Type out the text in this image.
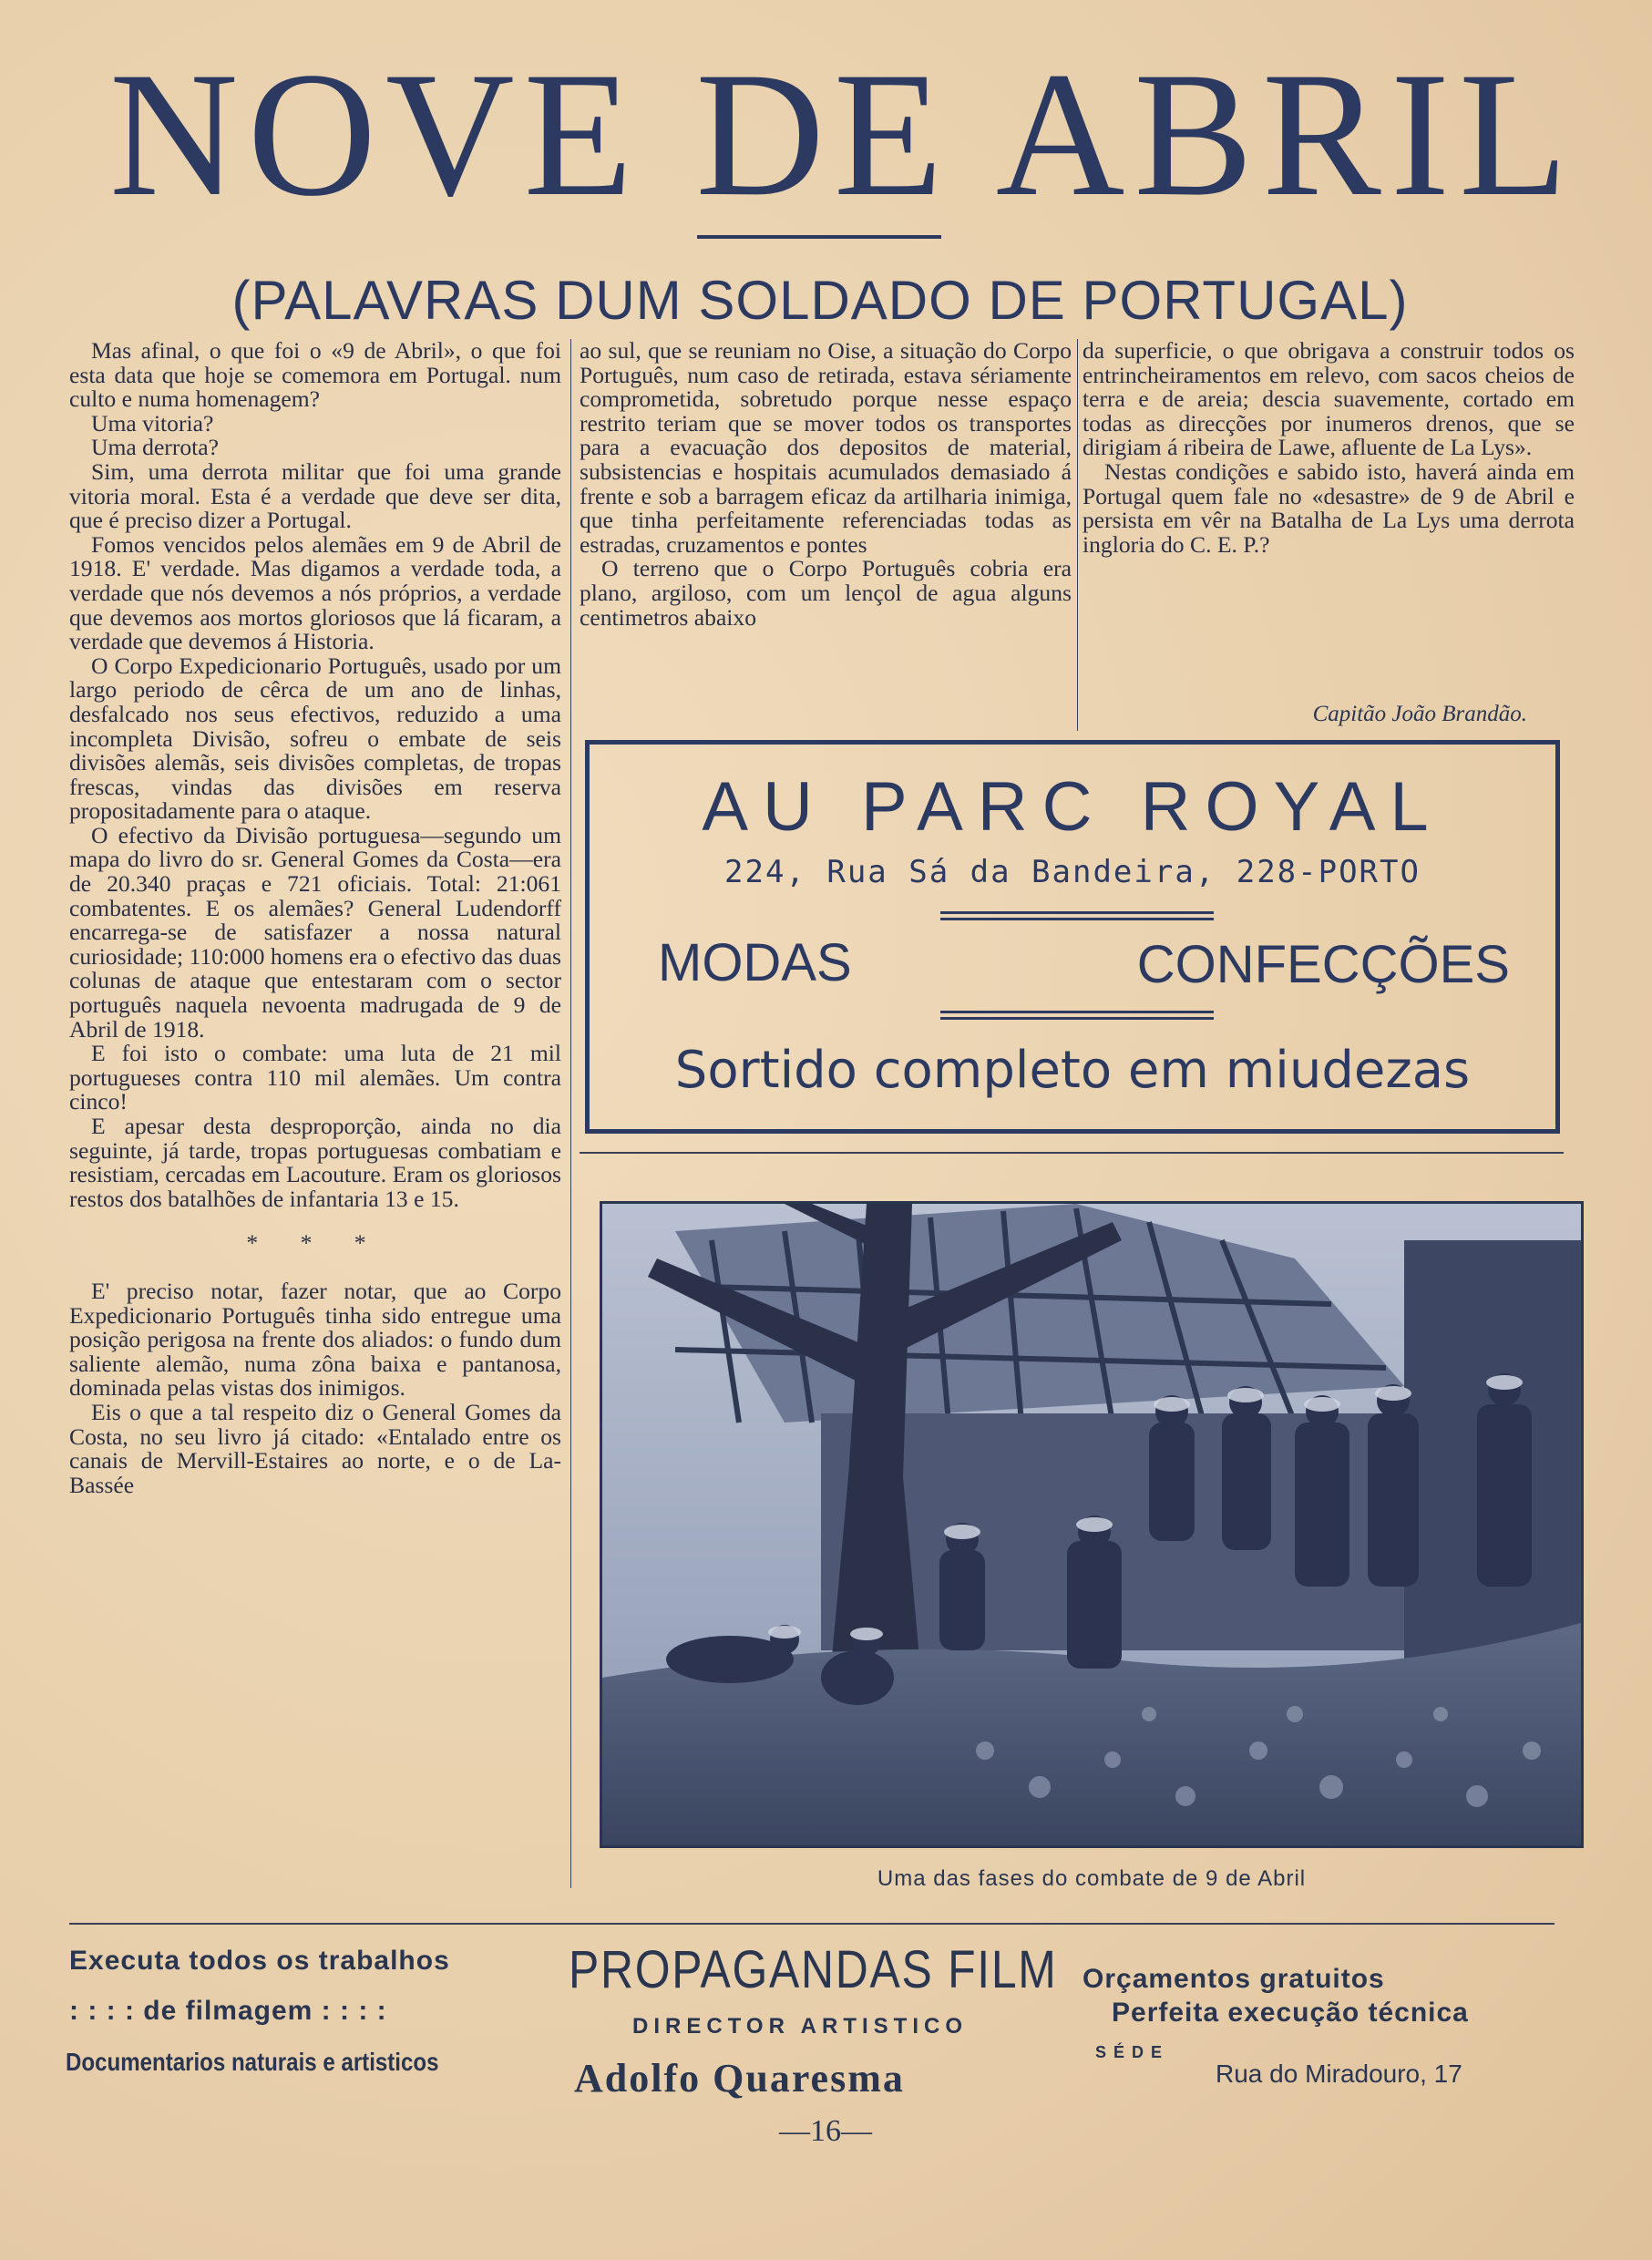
NOVE DE ABRIL
(PALAVRAS DUM SOLDADO DE PORTUGAL)

Mas afinal, o que foi o «9 de Abril», o que foi esta data que hoje se comemora em Portugal. num culto e numa homenagem?

Uma vitoria?

Uma derrota?

Sim, uma derrota militar que foi uma grande vitoria moral. Esta é a verdade que deve ser dita, que é preciso dizer a Portugal.

Fomos vencidos pelos alemães em 9 de Abril de 1918. E' verdade. Mas digamos a verdade toda, a verdade que nós devemos a nós próprios, a verdade que devemos aos mortos gloriosos que lá ficaram, a verdade que devemos á Historia.

O Corpo Expedicionario Português, usado por um largo periodo de cêrca de um ano de linhas, desfalcado nos seus efectivos, reduzido a uma incompleta Divisão, sofreu o embate de seis divisões alemãs, seis divisões completas, de tropas frescas, vindas das divisões em reserva propositadamente para o ataque.

O efectivo da Divisão portuguesa—segundo um mapa do livro do sr. General Gomes da Costa—era de 20.340 praças e 721 oficiais. Total: 21:061 combatentes. E os alemães? General Ludendorff encarrega-se de satisfazer a nossa natural curiosidade; 110:000 homens era o efectivo das duas colunas de ataque que entestaram com o sector português naquela nevoenta madrugada de 9 de Abril de 1918.

E foi isto o combate: uma luta de 21 mil portugueses contra 110 mil alemães. Um contra cinco!

E apesar desta desproporção, ainda no dia seguinte, já tarde, tropas portuguesas combatiam e resistiam, cercadas em Lacouture. Eram os gloriosos restos dos batalhões de infantaria 13 e 15.

* * *

E' preciso notar, fazer notar, que ao Corpo Expedicionario Português tinha sido entregue uma posição perigosa na frente dos aliados: o fundo dum saliente alemão, numa zôna baixa e pantanosa, dominada pelas vistas dos inimigos.

Eis o que a tal respeito diz o General Gomes da Costa, no seu livro já citado: «Entalado entre os canais de Mervill-Estaires ao norte, e o de La-Bassée

ao sul, que se reuniam no Oise, a situação do Corpo Português, num caso de retirada, estava sériamente comprometida, sobretudo porque nesse espaço restrito teriam que se mover todos os transportes para a evacuação dos depositos de material, subsistencias e hospitais acumulados demasiado á frente e sob a barragem eficaz da artilharia inimiga, que tinha perfeitamente referenciadas todas as estradas, cruzamentos e pontes

O terreno que o Corpo Português cobria era plano, argiloso, com um lençol de agua alguns centimetros abaixo

da superficie, o que obrigava a construir todos os entrincheiramentos em relevo, com sacos cheios de terra e de areia; descia suavemente, cortado em todas as direcções por inumeros drenos, que se dirigiam á ribeira de Lawe, afluente de La Lys».

Nestas condições e sabido isto, haverá ainda em Portugal quem fale no «desastre» de 9 de Abril e persista em vêr na Batalha de La Lys uma derrota ingloria do C. E. P.?

Capitão João Brandão.
AU PARC ROYAL
224, Rua Sá da Bandeira, 228-PORTO
MODAS	CONFECÇÕES
Sortido completo em miudezas
Uma das fases do combate de 9 de Abril
Executa todos os trabalhos
: : : : de filmagem : : : :
Documentarios naturais e artisticos
PROPAGANDAS FILM
DIRECTOR ARTISTICO
Adolfo Quaresma
Orçamentos gratuitos
Perfeita execução técnica
SÉDE
Rua do Miradouro, 17
—16—
